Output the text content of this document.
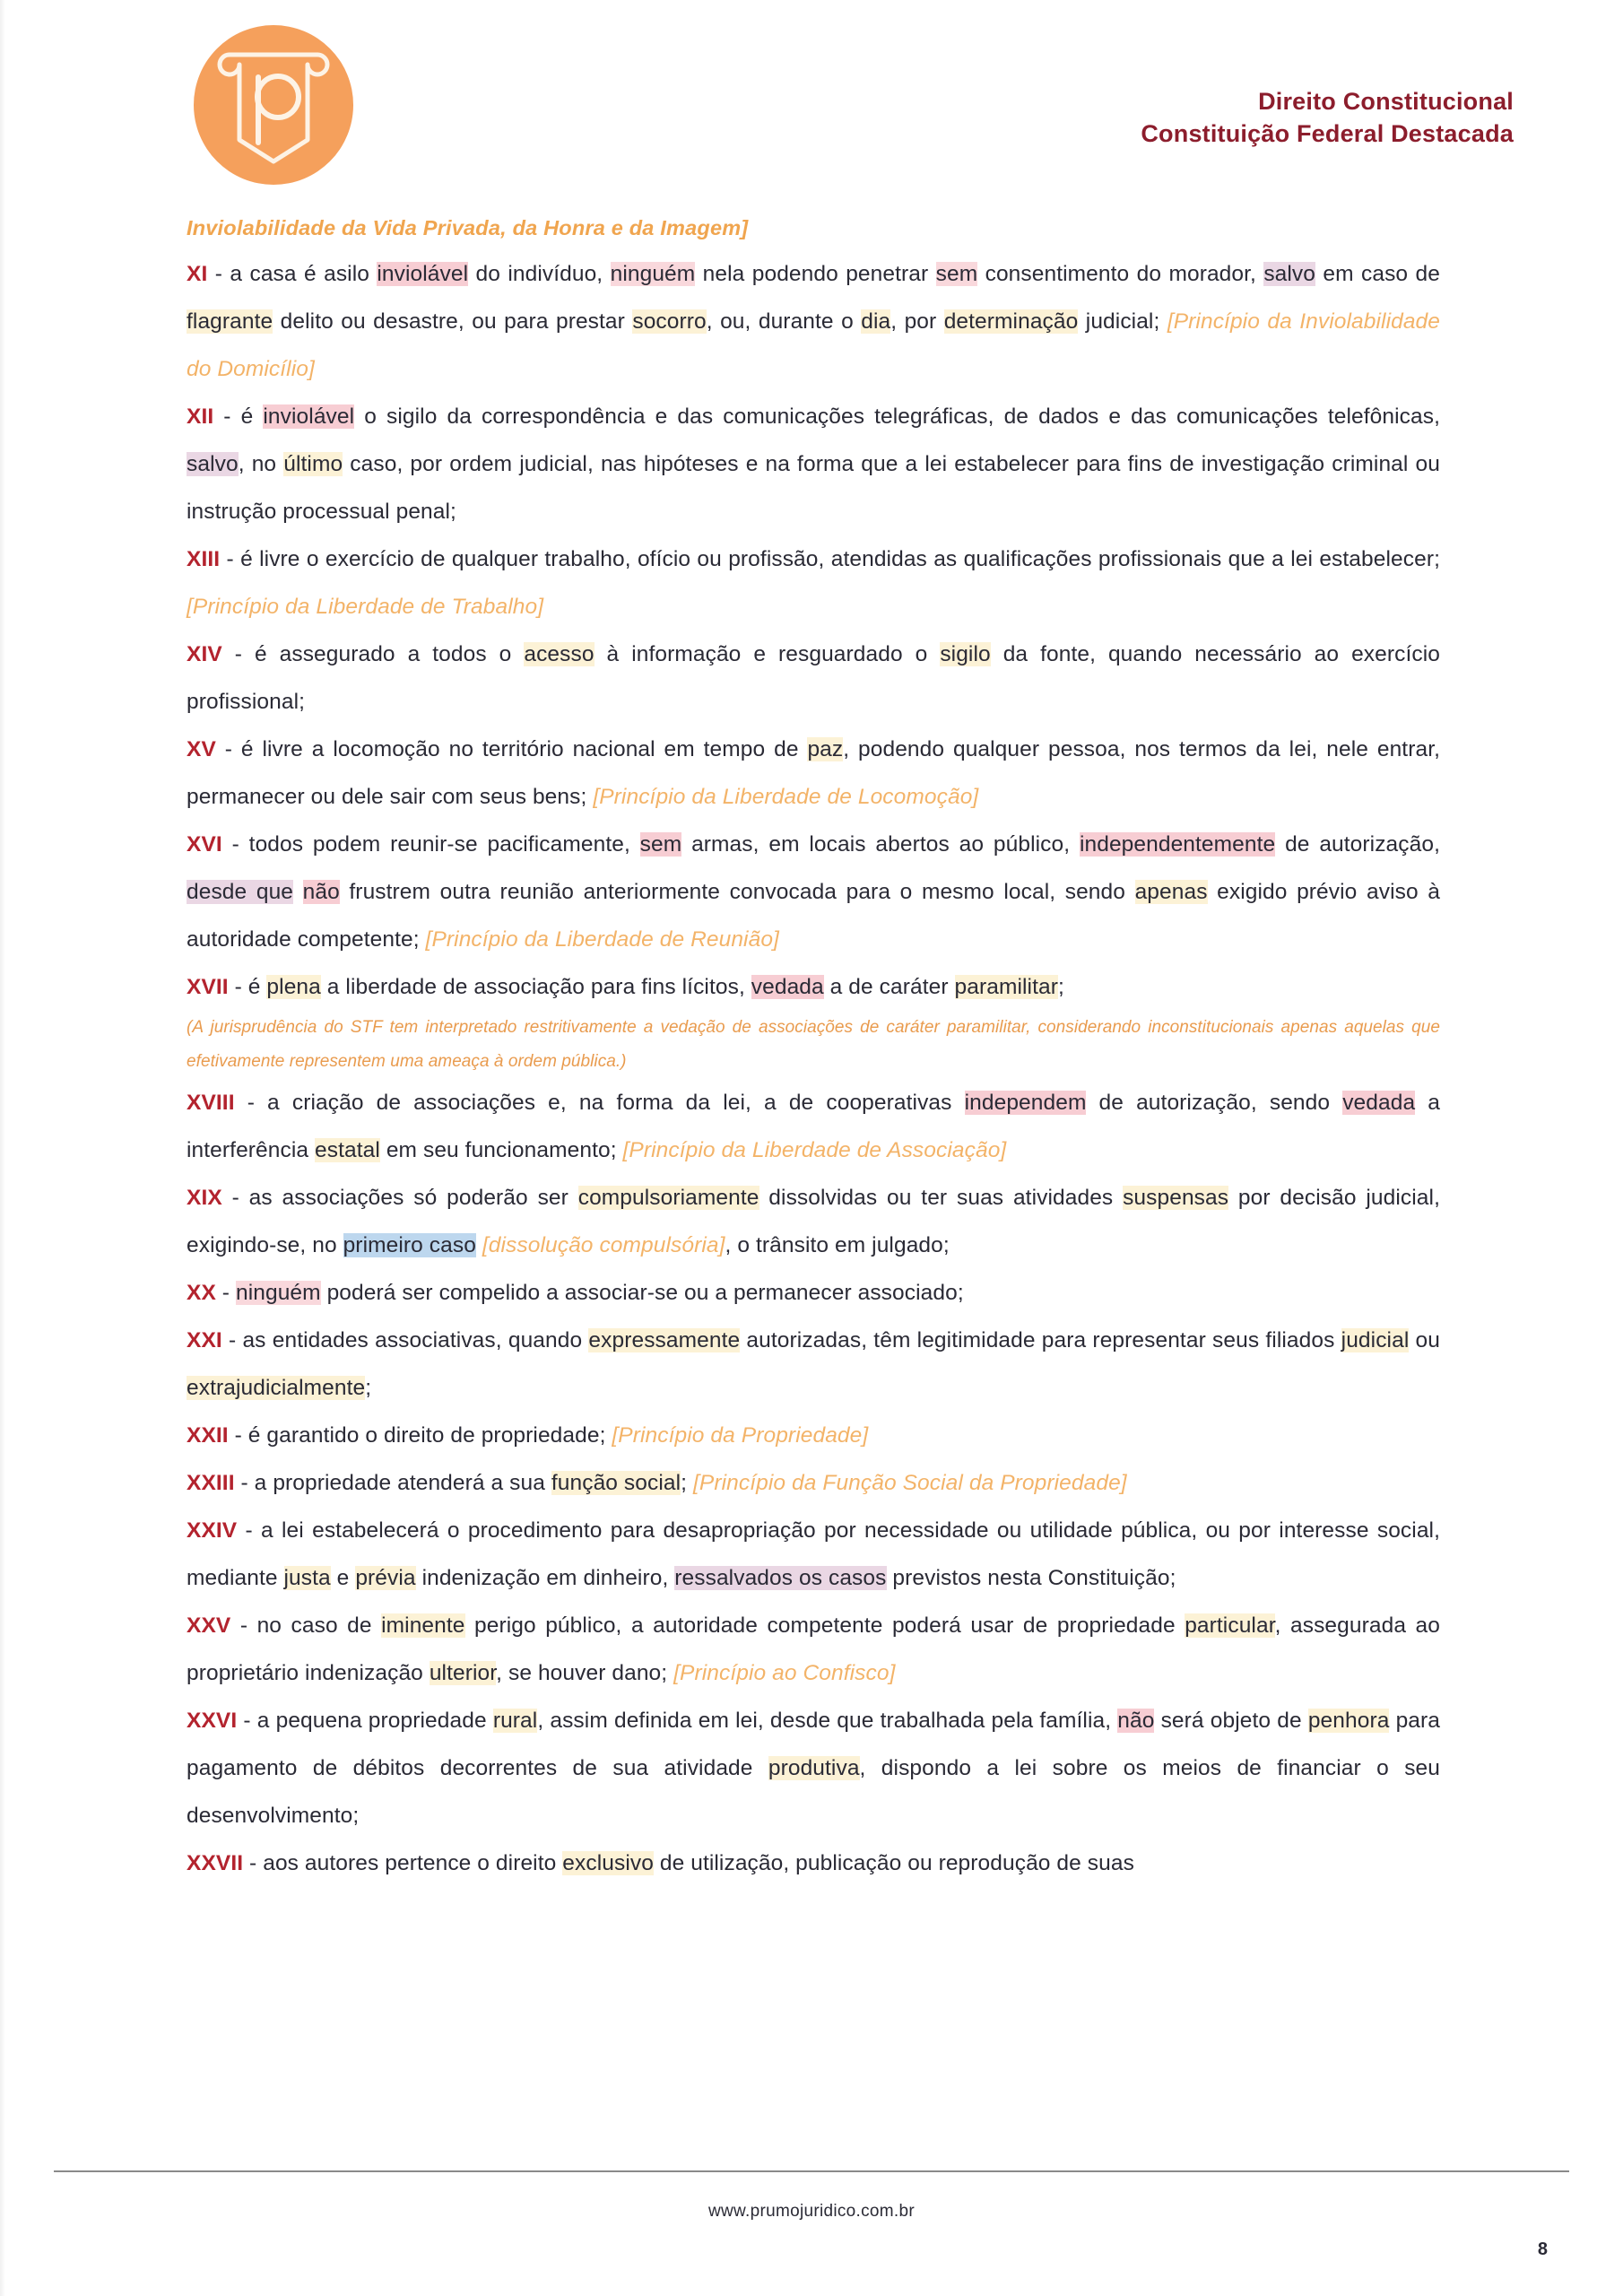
Direito Constitucional
Constituição Federal Destacada
Inviolabilidade da Vida Privada, da Honra e da Imagem]

XI - a casa é asilo inviolável do indivíduo, ninguém nela podendo penetrar sem consentimento do morador, salvo em caso de flagrante delito ou desastre, ou para prestar socorro, ou, durante o dia, por determinação judicial; [Princípio da Inviolabilidade do Domicílio]

XII - é inviolável o sigilo da correspondência e das comunicações telegráficas, de dados e das comunicações telefônicas, salvo, no último caso, por ordem judicial, nas hipóteses e na forma que a lei estabelecer para fins de investigação criminal ou instrução processual penal;

XIII - é livre o exercício de qualquer trabalho, ofício ou profissão, atendidas as qualificações profissionais que a lei estabelecer; [Princípio da Liberdade de Trabalho]

XIV - é assegurado a todos o acesso à informação e resguardado o sigilo da fonte, quando necessário ao exercício profissional;

XV - é livre a locomoção no território nacional em tempo de paz, podendo qualquer pessoa, nos termos da lei, nele entrar, permanecer ou dele sair com seus bens; [Princípio da Liberdade de Locomoção]

XVI - todos podem reunir-se pacificamente, sem armas, em locais abertos ao público, independentemente de autorização, desde que não frustrem outra reunião anteriormente convocada para o mesmo local, sendo apenas exigido prévio aviso à autoridade competente; [Princípio da Liberdade de Reunião]

XVII - é plena a liberdade de associação para fins lícitos, vedada a de caráter paramilitar;

(A jurisprudência do STF tem interpretado restritivamente a vedação de associações de caráter paramilitar, considerando inconstitucionais apenas aquelas que efetivamente representem uma ameaça à ordem pública.)

XVIII - a criação de associações e, na forma da lei, a de cooperativas independem de autorização, sendo vedada a interferência estatal em seu funcionamento; [Princípio da Liberdade de Associação]

XIX - as associações só poderão ser compulsoriamente dissolvidas ou ter suas atividades suspensas por decisão judicial, exigindo-se, no primeiro caso [dissolução compulsória], o trânsito em julgado;

XX - ninguém poderá ser compelido a associar-se ou a permanecer associado;

XXI - as entidades associativas, quando expressamente autorizadas, têm legitimidade para representar seus filiados judicial ou extrajudicialmente;

XXII - é garantido o direito de propriedade; [Princípio da Propriedade]

XXIII - a propriedade atenderá a sua função social; [Princípio da Função Social da Propriedade]

XXIV - a lei estabelecerá o procedimento para desapropriação por necessidade ou utilidade pública, ou por interesse social, mediante justa e prévia indenização em dinheiro, ressalvados os casos previstos nesta Constituição;

XXV - no caso de iminente perigo público, a autoridade competente poderá usar de propriedade particular, assegurada ao proprietário indenização ulterior, se houver dano; [Princípio ao Confisco]

XXVI - a pequena propriedade rural, assim definida em lei, desde que trabalhada pela família, não será objeto de penhora para pagamento de débitos decorrentes de sua atividade produtiva, dispondo a lei sobre os meios de financiar o seu desenvolvimento;

XXVII - aos autores pertence o direito exclusivo de utilização, publicação ou reprodução de suas

www.prumojuridico.com.br
8
